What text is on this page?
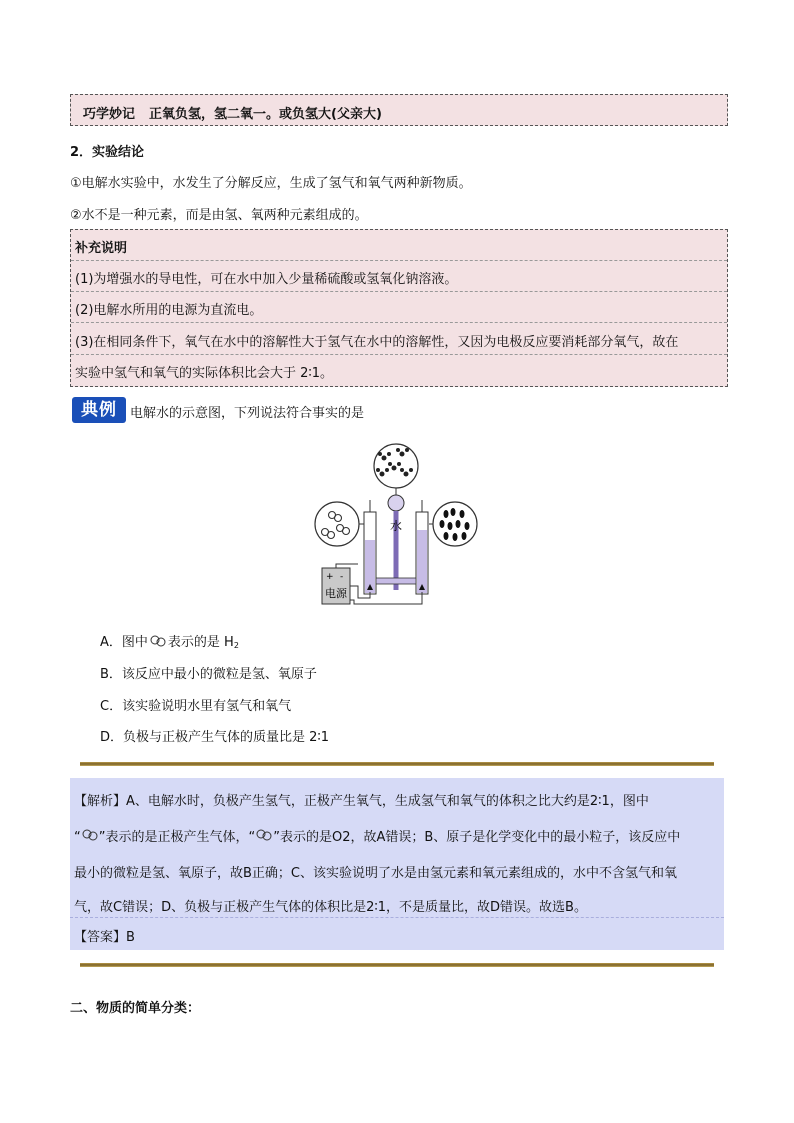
巧学妙记 正氧负氢，氢二氧一。或负氢大(父亲大)
2．实验结论
①电解水实验中，水发生了分解反应，生成了氢气和氧气两种新物质。
②水不是一种元素，而是由氢、氧两种元素组成的。
补充说明
(1)为增强水的导电性，可在水中加入少量稀硫酸或氢氧化钠溶液。
(2)电解水所用的电源为直流电。
(3)在相同条件下，氧气在水中的溶解性大于氢气在水中的溶解性，又因为电极反应要消耗部分氧气，故在
实验中氢气和氧气的实际体积比会大于 2∶1。
典例	电解水的示意图，下列说法符合事实的是
水
+ -
电源
A．图中 表示的是 $H_2$
B．该反应中最小的微粒是氢、氧原子
C．该实验说明水里有氢气和氧气
D．负极与正极产生气体的质量比是 2∶1
【解析】A、电解水时，负极产生氢气，正极产生氧气，生成氢气和氧气的体积之比大约是2∶1，图中
“ ”表示的是正极产生气体，“ ”表示的是O2，故A错误；B、原子是化学变化中的最小粒子，该反应中
最小的微粒是氢、氧原子，故B正确；C、该实验说明了水是由氢元素和氧元素组成的，水中不含氢气和氧
气，故C错误；D、负极与正极产生气体的体积比是2∶1，不是质量比，故D错误。故选B。
【答案】B
二、物质的简单分类：
